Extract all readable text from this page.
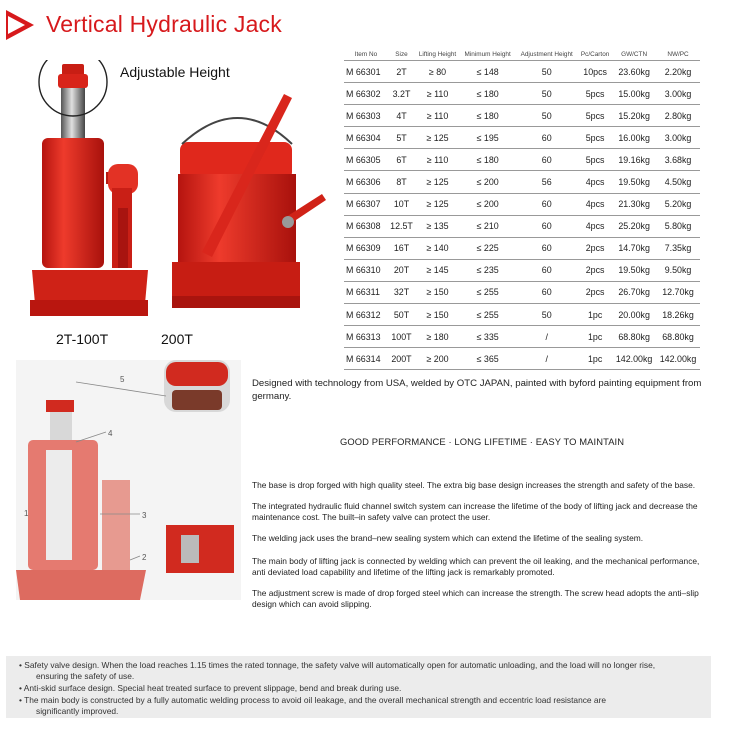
Vertical Hydraulic Jack
Adjustable Height
2T-100T	200T
Item No	Size	Lifting Height	Minimum Height	Adjustment Height	Pc/Carton	GW/CTN	NW/PC
M 66301	2T	≥ 80	≤ 148	50	10pcs	23.60kg	2.20kg
M 66302	3.2T	≥ 110	≤ 180	50	5pcs	15.00kg	3.00kg
M 66303	4T	≥ 110	≤ 180	50	5pcs	15.20kg	2.80kg
M 66304	5T	≥ 125	≤ 195	60	5pcs	16.00kg	3.00kg
M 66305	6T	≥ 110	≤ 180	60	5pcs	19.16kg	3.68kg
M 66306	8T	≥ 125	≤ 200	56	4pcs	19.50kg	4.50kg
M 66307	10T	≥ 125	≤ 200	60	4pcs	21.30kg	5.20kg
M 66308	12.5T	≥ 135	≤ 210	60	4pcs	25.20kg	5.80kg
M 66309	16T	≥ 140	≤ 225	60	2pcs	14.70kg	7.35kg
M 66310	20T	≥ 145	≤ 235	60	2pcs	19.50kg	9.50kg
M 66311	32T	≥ 150	≤ 255	60	2pcs	26.70kg	12.70kg
M 66312	50T	≥ 150	≤ 255	50	1pc	20.00kg	18.26kg
M 66313	100T	≥ 180	≤ 335	/	1pc	68.80kg	68.80kg
M 66314	200T	≥ 200	≤ 365	/	1pc	142.00kg	142.00kg
5
4
1	3
2
Designed with technology from USA, welded by OTC JAPAN, painted with byford painting equipment from germany.
GOOD PERFORMANCE · LONG LIFETIME · EASY TO MAINTAIN
The base is drop forged with high quality steel. The extra big base design increases the strength and safety of the base.
The integrated hydraulic fluid channel switch system can increase the lifetime of the body of lifting jack and decrease the maintenance cost. The built–in safety valve can protect the user.
The welding jack uses the brand–new sealing system which can extend the lifetime of the sealing system.
The main body of lifting jack is connected by welding which can prevent the oil leaking, and the mechanical performance, anti deviated load capability and lifetime of the lifting jack is remarkably promoted.
The adjustment screw is made of drop forged steel which can increase the strength. The screw head adopts the anti–slip design which can avoid slipping.
• Safety valve design. When the load reaches 1.15 times the rated tonnage, the safety valve will automatically open for automatic unloading, and the load will no longer rise,
ensuring the safety of use.
• Anti-skid surface design. Special heat treated surface to prevent slippage, bend and break during use.
• The main body is constructed by a fully automatic welding process to avoid oil leakage, and the overall mechanical strength and eccentric load resistance are
significantly improved.
